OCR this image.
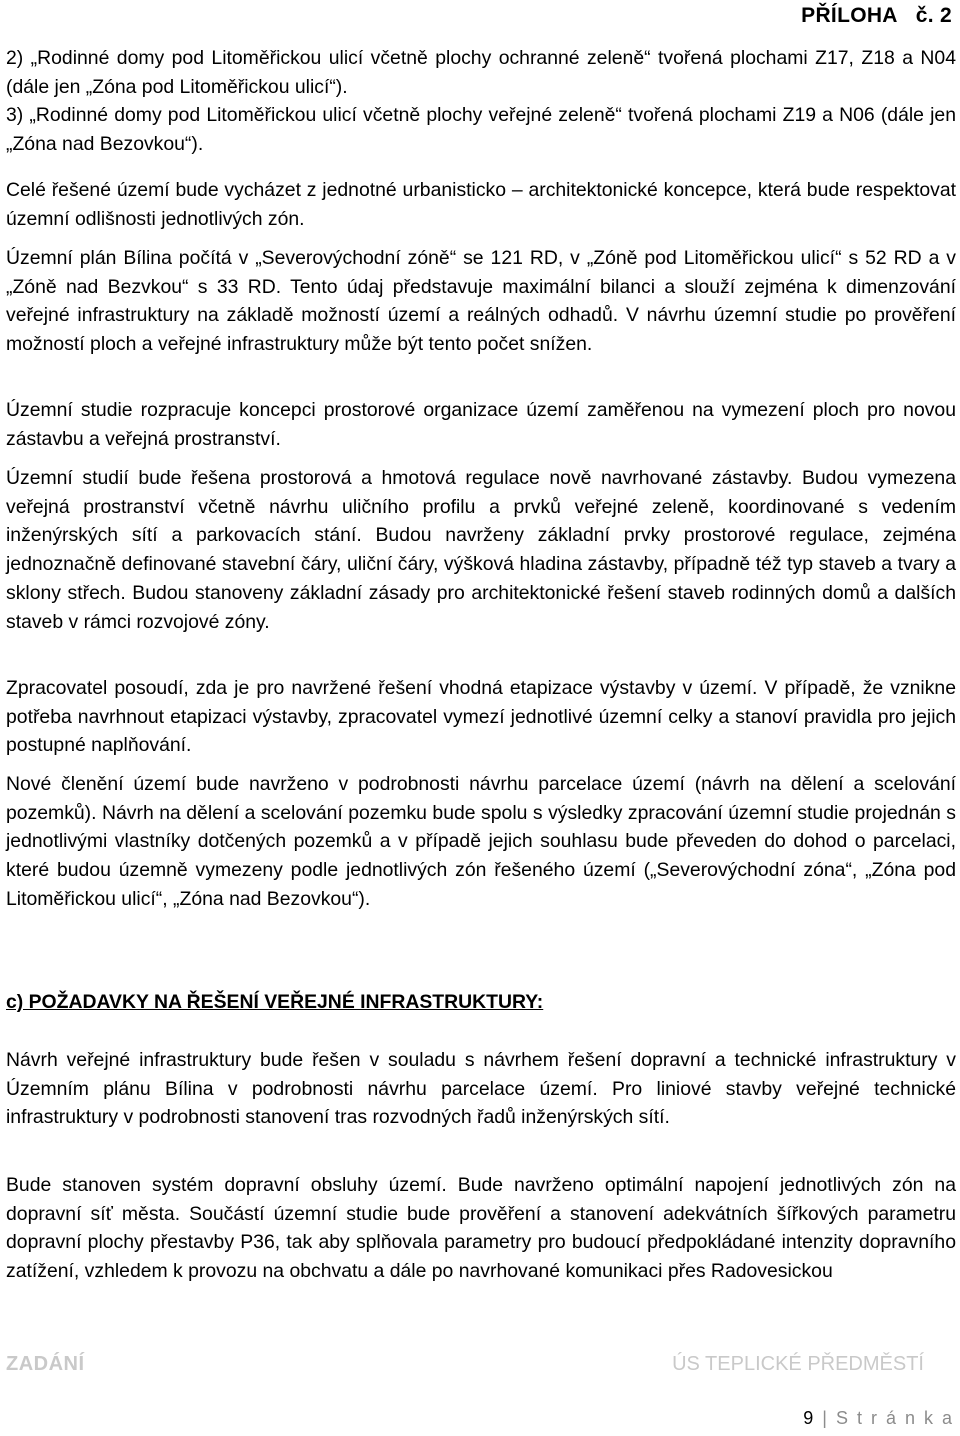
PŘÍLOHA č. 2

2) „Rodinné domy pod Litoměřickou ulicí včetně plochy ochranné zeleně“ tvořená plochami Z17, Z18 a N04 (dále jen „Zóna pod Litoměřickou ulicí“).

3) „Rodinné domy pod Litoměřickou ulicí včetně plochy veřejné zeleně“ tvořená plochami Z19 a N06 (dále jen „Zóna nad Bezovkou“).

Celé řešené území bude vycházet z jednotné urbanisticko – architektonické koncepce, která bude respektovat územní odlišnosti jednotlivých zón.

Územní plán Bílina počítá v „Severovýchodní zóně“ se 121 RD, v „Zóně pod Litoměřickou ulicí“ s 52 RD a v „Zóně nad Bezvkou“ s 33 RD. Tento údaj představuje maximální bilanci a slouží zejména k dimenzování veřejné infrastruktury na základě možností území a reálných odhadů. V návrhu územní studie po prověření možností ploch a veřejné infrastruktury může být tento počet snížen.

Územní studie rozpracuje koncepci prostorové organizace území zaměřenou na vymezení ploch pro novou zástavbu a veřejná prostranství.

Územní studií bude řešena prostorová a hmotová regulace nově navrhované zástavby. Budou vymezena veřejná prostranství včetně návrhu uličního profilu a prvků veřejné zeleně, koordinované s vedením inženýrských sítí a parkovacích stání. Budou navrženy základní prvky prostorové regulace, zejména jednoznačně definované stavební čáry, uliční čáry, výšková hladina zástavby, případně též typ staveb a tvary a sklony střech. Budou stanoveny základní zásady pro architektonické řešení staveb rodinných domů a dalších staveb v rámci rozvojové zóny.

Zpracovatel posoudí, zda je pro navržené řešení vhodná etapizace výstavby v území. V případě, že vznikne potřeba navrhnout etapizaci výstavby, zpracovatel vymezí jednotlivé územní celky a stanoví pravidla pro jejich postupné naplňování.

Nové členění území bude navrženo v podrobnosti návrhu parcelace území (návrh na dělení a scelování pozemků). Návrh na dělení a scelování pozemku bude spolu s výsledky zpracování územní studie projednán s jednotlivými vlastníky dotčených pozemků a v případě jejich souhlasu bude převeden do dohod o parcelaci, které budou územně vymezeny podle jednotlivých zón řešeného území („Severovýchodní zóna“, „Zóna pod Litoměřickou ulicí“, „Zóna nad Bezovkou“).

c) POŽADAVKY NA ŘEŠENÍ VEŘEJNÉ INFRASTRUKTURY:

Návrh veřejné infrastruktury bude řešen v souladu s návrhem řešení dopravní a technické infrastruktury v Územním plánu Bílina v podrobnosti návrhu parcelace území. Pro liniové stavby veřejné technické infrastruktury v podrobnosti stanovení tras rozvodných řadů inženýrských sítí.

Bude stanoven systém dopravní obsluhy území. Bude navrženo optimální napojení jednotlivých zón na dopravní síť města. Součástí územní studie bude prověření a stanovení adekvátních šířkových parametru dopravní plochy přestavby P36, tak aby splňovala parametry pro budoucí předpokládané intenzity dopravního zatížení, vzhledem k provozu na obchvatu a dále po navrhované komunikaci přes Radovesickou

ZADÁNÍ	ÚS TEPLICKÉ PŘEDMĚSTÍ
9 | S t r á n k a
